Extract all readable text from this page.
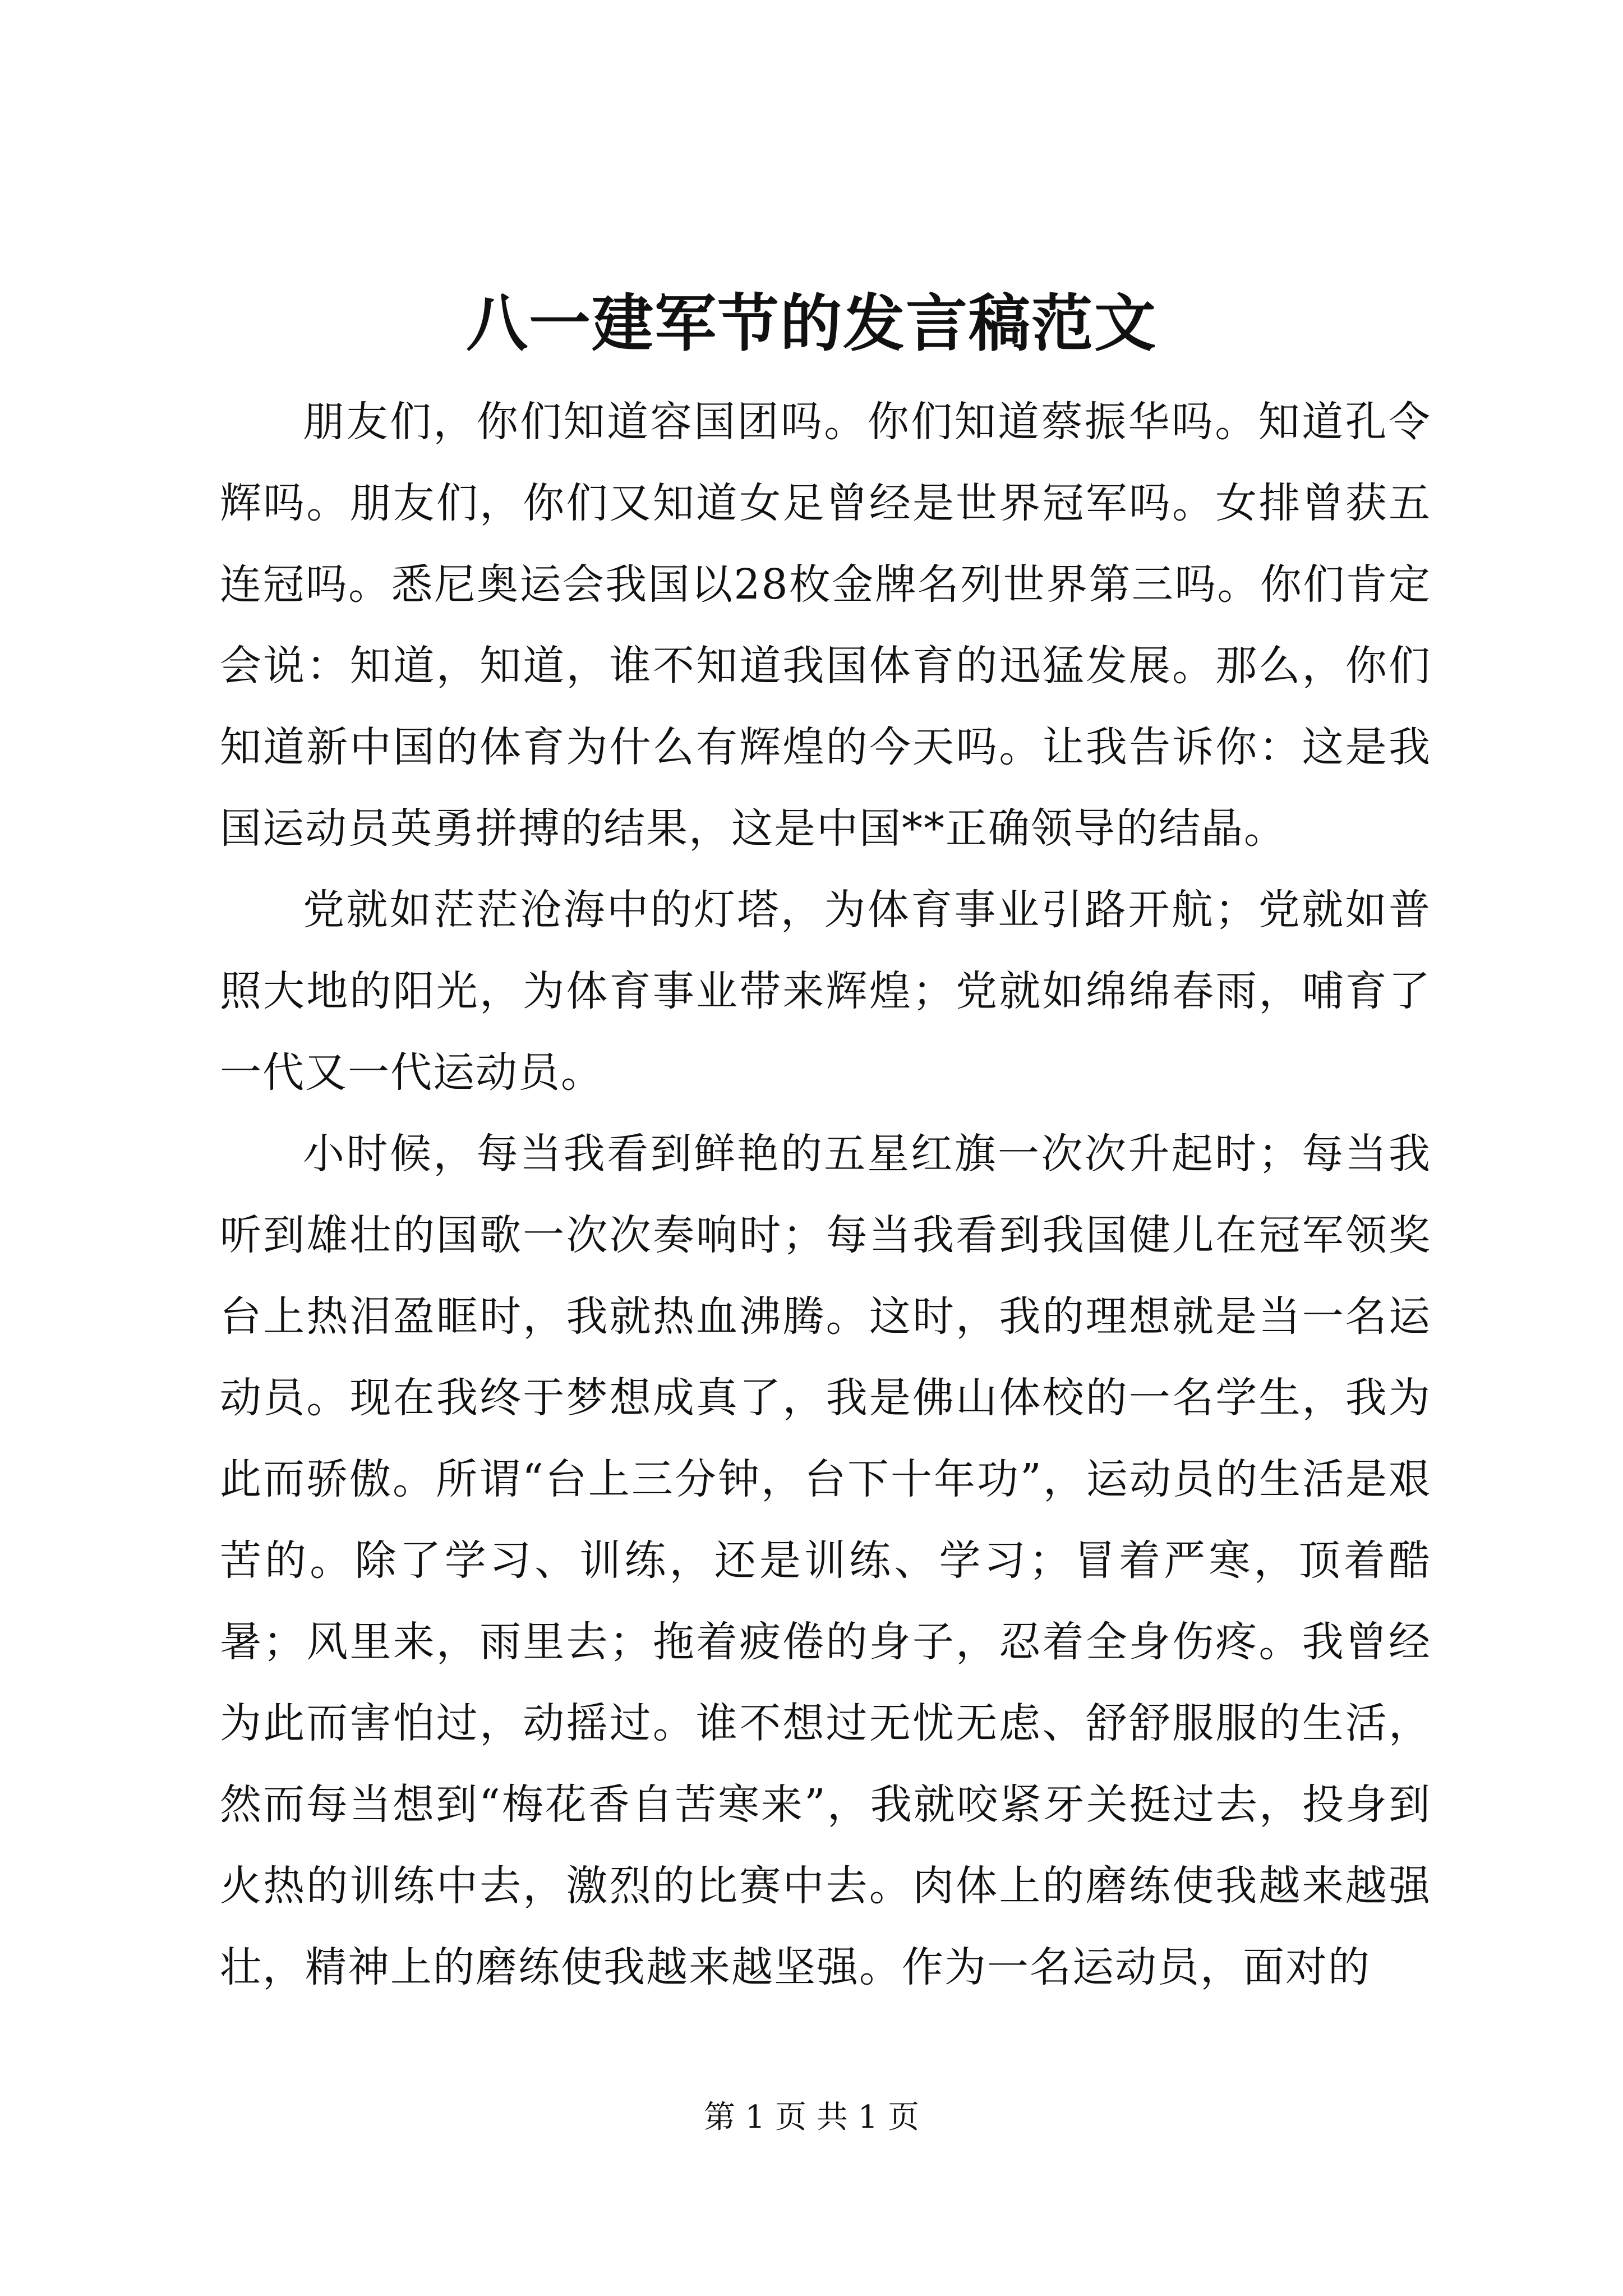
八一建军节的发言稿范文

朋友们，你们知道容国团吗。你们知道蔡振华吗。知道孔令辉吗。朋友们，你们又知道女足曾经是世界冠军吗。女排曾获五连冠吗。悉尼奥运会我国以28枚金牌名列世界第三吗。你们肯定会说：知道，知道，谁不知道我国体育的迅猛发展。那么，你们知道新中国的体育为什么有辉煌的今天吗。让我告诉你：这是我国运动员英勇拼搏的结果，这是中国**正确领导的结晶。

党就如茫茫沧海中的灯塔，为体育事业引路开航；党就如普照大地的阳光，为体育事业带来辉煌；党就如绵绵春雨，哺育了一代又一代运动员。

小时候，每当我看到鲜艳的五星红旗一次次升起时；每当我听到雄壮的国歌一次次奏响时；每当我看到我国健儿在冠军领奖台上热泪盈眶时，我就热血沸腾。这时，我的理想就是当一名运动员。现在我终于梦想成真了，我是佛山体校的一名学生，我为此而骄傲。所谓“台上三分钟，台下十年功”，运动员的生活是艰苦的。除了学习、训练，还是训练、学习；冒着严寒，顶着酷暑；风里来，雨里去；拖着疲倦的身子，忍着全身伤疼。我曾经为此而害怕过，动摇过。谁不想过无忧无虑、舒舒服服的生活，然而每当想到“梅花香自苦寒来”，我就咬紧牙关挺过去，投身到火热的训练中去，激烈的比赛中去。肉体上的磨练使我越来越强壮，精神上的磨练使我越来越坚强。作为一名运动员，面对的

第 1 页 共 1 页
